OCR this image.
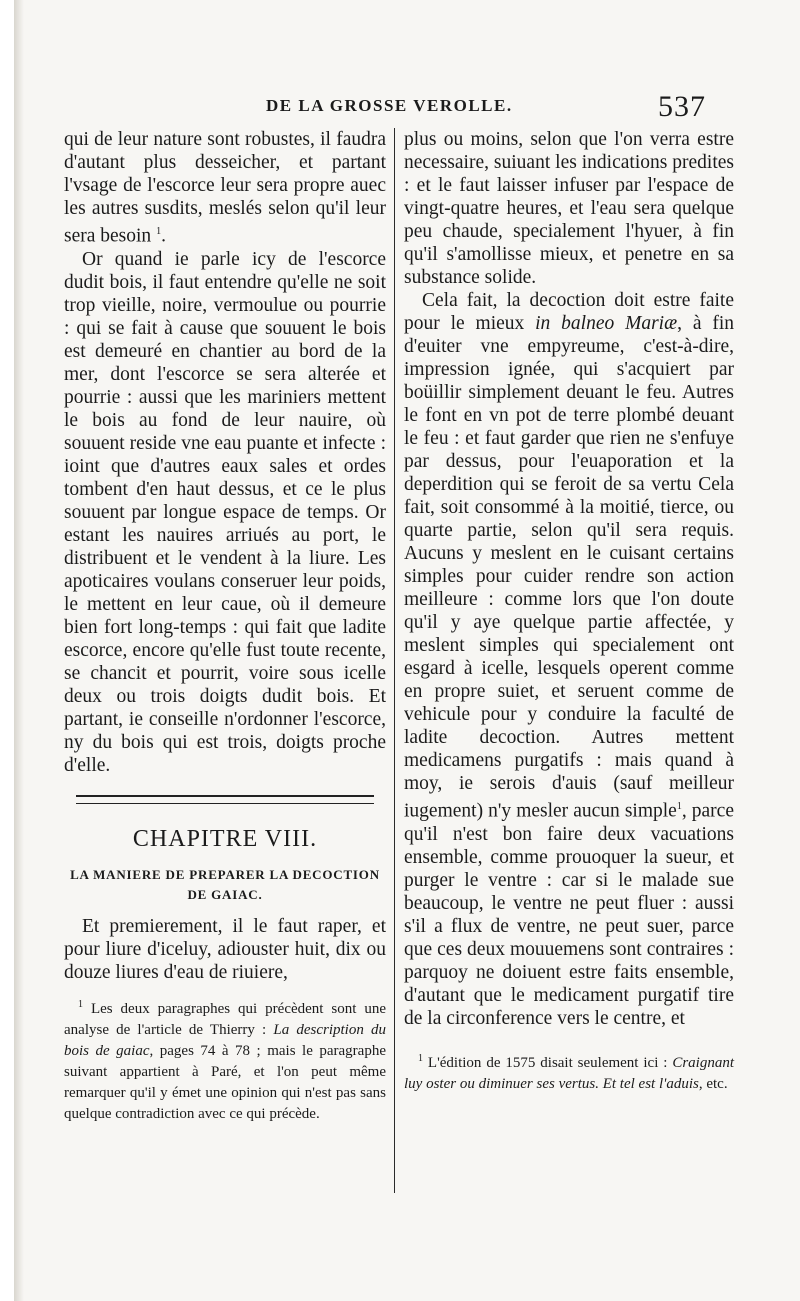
DE LA GROSSE VEROLLE.	537

qui de leur nature sont robustes, il faudra d'autant plus desseicher, et partant l'vsage de l'escorce leur sera propre auec les autres susdits, meslés selon qu'il leur sera besoin $^1$.

Or quand ie parle icy de l'escorce dudit bois, il faut entendre qu'elle ne soit trop vieille, noire, vermoulue ou pourrie : qui se fait à cause que souuent le bois est demeuré en chantier au bord de la mer, dont l'escorce se sera alterée et pourrie : aussi que les mariniers mettent le bois au fond de leur nauire, où souuent reside vne eau puante et infecte : ioint que d'autres eaux sales et ordes tombent d'en haut dessus, et ce le plus souuent par longue espace de temps. Or estant les nauires arriués au port, le distribuent et le vendent à la liure. Les apoticaires voulans conseruer leur poids, le mettent en leur caue, où il demeure bien fort long-temps : qui fait que ladite escorce, encore qu'elle fust toute recente, se chancit et pourrit, voire sous icelle deux ou trois doigts dudit bois. Et partant, ie conseille n'ordonner l'escorce, ny du bois qui est trois, doigts proche d'elle.

CHAPITRE VIII.
LA MANIERE DE PREPARER LA DECOCTION
DE GAIAC.

Et premierement, il le faut raper, et pour liure d'iceluy, adiouster huit, dix ou douze liures d'eau de riuiere,

$^1$ Les deux paragraphes qui précèdent sont une analyse de l'article de Thierry : La description du bois de gaiac, pages 74 à 78 ; mais le paragraphe suivant appartient à Paré, et l'on peut même remarquer qu'il y émet une opinion qui n'est pas sans quelque contradiction avec ce qui précède.

plus ou moins, selon que l'on verra estre necessaire, suiuant les indications predites : et le faut laisser infuser par l'espace de vingt-quatre heures, et l'eau sera quelque peu chaude, specialement l'hyuer, à fin qu'il s'amollisse mieux, et penetre en sa substance solide.

Cela fait, la decoction doit estre faite pour le mieux in balneo Mariæ, à fin d'euiter vne empyreume, c'est-à-dire, impression ignée, qui s'acquiert par boüillir simplement deuant le feu. Autres le font en vn pot de terre plombé deuant le feu : et faut garder que rien ne s'enfuye par dessus, pour l'euaporation et la deperdition qui se feroit de sa vertu Cela fait, soit consommé à la moitié, tierce, ou quarte partie, selon qu'il sera requis. Aucuns y meslent en le cuisant certains simples pour cuider rendre son action meilleure : comme lors que l'on doute qu'il y aye quelque partie affectée, y meslent simples qui specialement ont esgard à icelle, lesquels operent comme en propre suiet, et seruent comme de vehicule pour y conduire la faculté de ladite decoction. Autres mettent medicamens purgatifs : mais quand à moy, ie serois d'auis (sauf meilleur iugement) n'y mesler aucun simple$^1$, parce qu'il n'est bon faire deux vacuations ensemble, comme prouoquer la sueur, et purger le ventre : car si le malade sue beaucoup, le ventre ne peut fluer : aussi s'il a flux de ventre, ne peut suer, parce que ces deux mouuemens sont contraires : parquoy ne doiuent estre faits ensemble, d'autant que le medicament purgatif tire de la circonference vers le centre, et

$^1$ L'édition de 1575 disait seulement ici : Craignant luy oster ou diminuer ses vertus. Et tel est l'aduis, etc.
